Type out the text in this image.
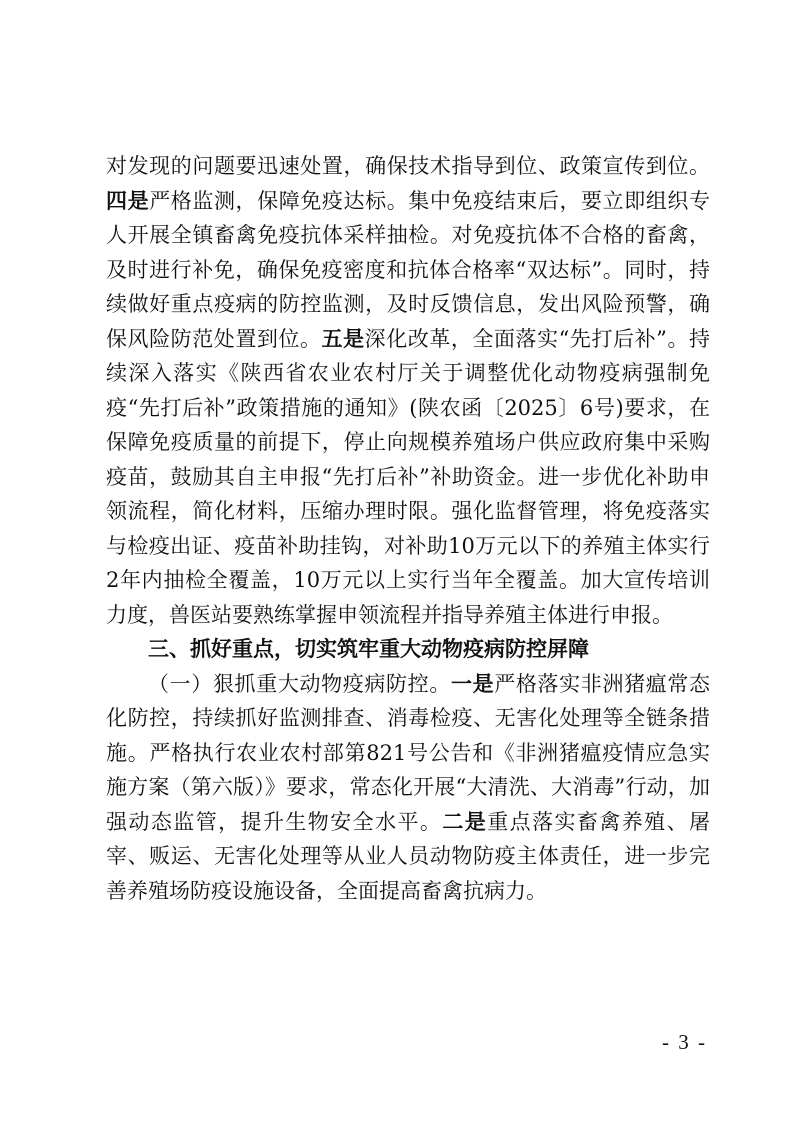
对发现的问题要迅速处置，确保技术指导到位、政策宣传到位。四是严格监测，保障免疫达标。集中免疫结束后，要立即组织专人开展全镇畜禽免疫抗体采样抽检。对免疫抗体不合格的畜禽，及时进行补免，确保免疫密度和抗体合格率“双达标”。同时，持续做好重点疫病的防控监测，及时反馈信息，发出风险预警，确保风险防范处置到位。五是深化改革，全面落实“先打后补”。持续深入落实《陕西省农业农村厅关于调整优化动物疫病强制免疫“先打后补”政策措施的通知》(陕农函〔2025〕6号)要求，在保障免疫质量的前提下，停止向规模养殖场户供应政府集中采购疫苗，鼓励其自主申报“先打后补”补助资金。进一步优化补助申领流程，简化材料，压缩办理时限。强化监督管理，将免疫落实与检疫出证、疫苗补助挂钩，对补助10万元以下的养殖主体实行2年内抽检全覆盖，10万元以上实行当年全覆盖。加大宣传培训力度，兽医站要熟练掌握申领流程并指导养殖主体进行申报。

三、抓好重点，切实筑牢重大动物疫病防控屏障

（一）狠抓重大动物疫病防控。一是严格落实非洲猪瘟常态化防控，持续抓好监测排查、消毒检疫、无害化处理等全链条措施。严格执行农业农村部第821号公告和《非洲猪瘟疫情应急实施方案（第六版）》要求，常态化开展“大清洗、大消毒”行动，加强动态监管，提升生物安全水平。二是重点落实畜禽养殖、屠宰、贩运、无害化处理等从业人员动物防疫主体责任，进一步完善养殖场防疫设施设备，全面提高畜禽抗病力。

- 3 -
